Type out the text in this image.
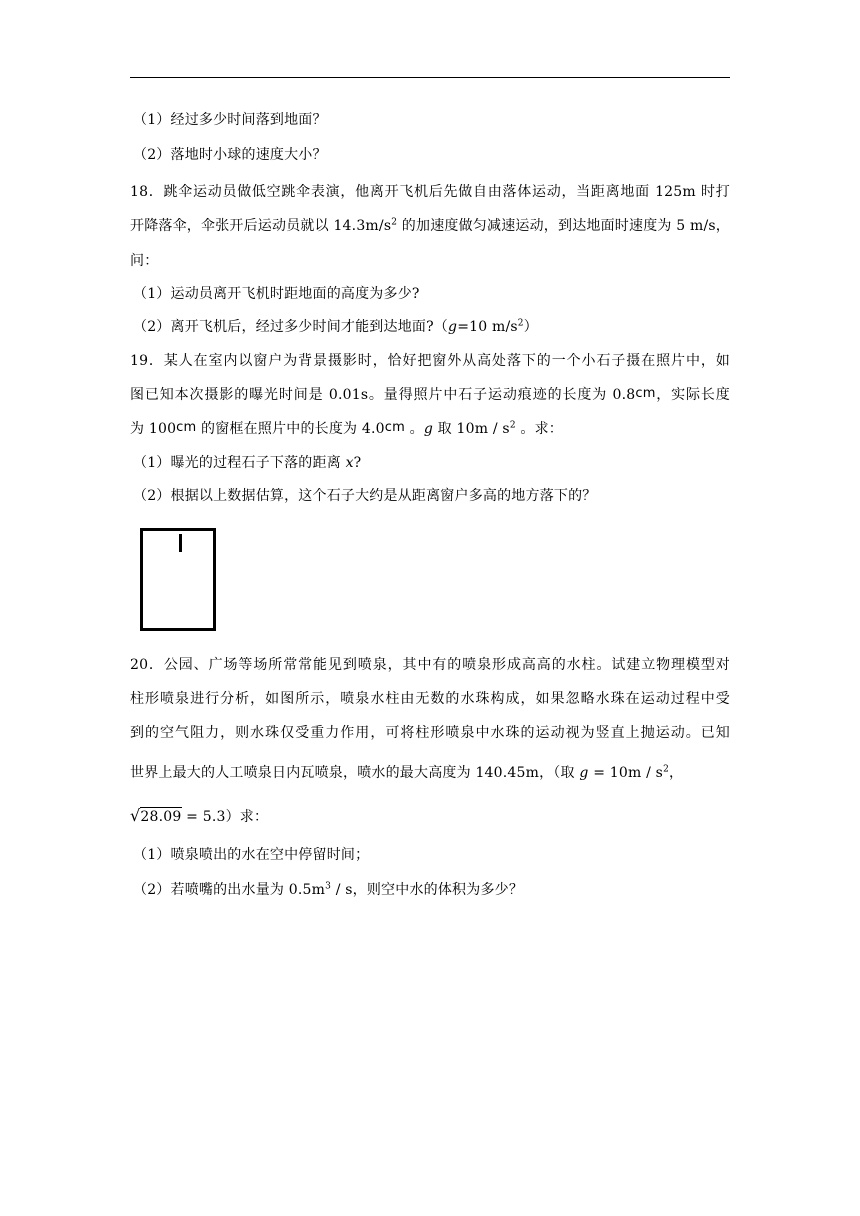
（1）经过多少时间落到地面？
（2）落地时小球的速度大小？
18．跳伞运动员做低空跳伞表演，他离开飞机后先做自由落体运动，当距离地面 125m 时打
开降落伞，伞张开后运动员就以 $14.3m/s^2$ 的加速度做匀减速运动，到达地面时速度为 5 m/s，
问：
（1）运动员离开飞机时距地面的高度为多少?
（2）离开飞机后，经过多少时间才能到达地面?（g=10 $m/s^2$）
19．某人在室内以窗户为背景摄影时，恰好把窗外从高处落下的一个小石子摄在照片中，如
图已知本次摄影的曝光时间是 0.01s。量得照片中石子运动痕迹的长度为 0.8cm，实际长度
为 100cm 的窗框在照片中的长度为 4.0cm 。g 取 $10m / s^2$ 。求：
（1）曝光的过程石子下落的距离 x?
（2）根据以上数据估算，这个石子大约是从距离窗户多高的地方落下的？
20．公园、广场等场所常常能见到喷泉，其中有的喷泉形成高高的水柱。试建立物理模型对
柱形喷泉进行分析，如图所示，喷泉水柱由无数的水珠构成，如果忽略水珠在运动过程中受
到的空气阻力，则水珠仅受重力作用，可将柱形喷泉中水珠的运动视为竖直上抛运动。已知
世界上最大的人工喷泉日内瓦喷泉，喷水的最大高度为 140.45m，（取 $g = 10m / s^2$，
√28.09 = 5.3）求：
（1）喷泉喷出的水在空中停留时间；
（2）若喷嘴的出水量为 $0.5m^3$ / s，则空中水的体积为多少？
